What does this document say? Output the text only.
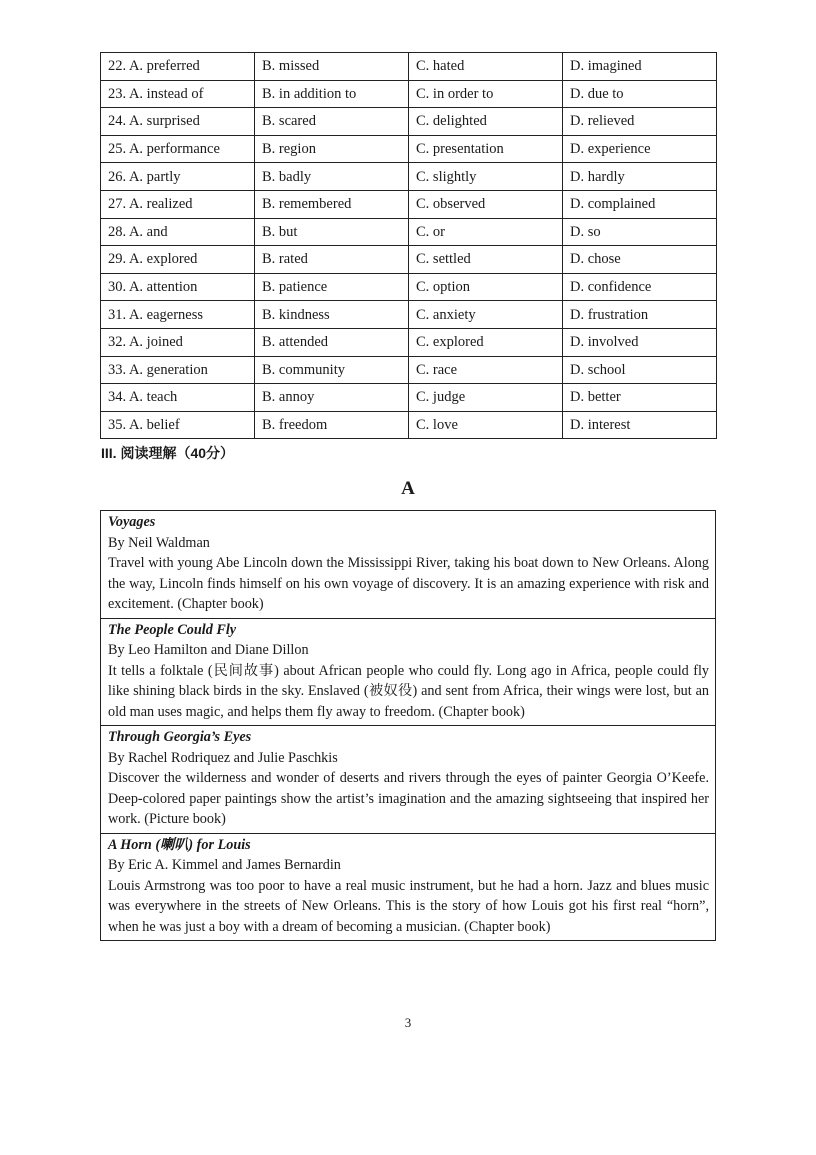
22. A. preferred	B. missed	C. hated	D. imagined
23. A. instead of	B. in addition to	C. in order to	D. due to
24. A. surprised	B. scared	C. delighted	D. relieved
25. A. performance	B. region	C. presentation	D. experience
26. A. partly	B. badly	C. slightly	D. hardly
27. A. realized	B. remembered	C. observed	D. complained
28. A. and	B. but	C. or	D. so
29. A. explored	B. rated	C. settled	D. chose
30. A. attention	B. patience	C. option	D. confidence
31. A. eagerness	B. kindness	C. anxiety	D. frustration
32. A. joined	B. attended	C. explored	D. involved
33. A. generation	B. community	C. race	D. school
34. A. teach	B. annoy	C. judge	D. better
35. A. belief	B. freedom	C. love	D. interest
III. 阅读理解（40分）
A
Voyages
By Neil Waldman

Travel with young Abe Lincoln down the Mississippi River, taking his boat down to New Orleans. Along the way, Lincoln finds himself on his own voyage of discovery. It is an amazing experience with risk and excitement. (Chapter book)

The People Could Fly
By Leo Hamilton and Diane Dillon

It tells a folktale (民间故事) about African people who could fly. Long ago in Africa, people could fly like shining black birds in the sky. Enslaved (被奴役) and sent from Africa, their wings were lost, but an old man uses magic, and helps them fly away to freedom. (Chapter book)

Through Georgia’s Eyes
By Rachel Rodriquez and Julie Paschkis

Discover the wilderness and wonder of deserts and rivers through the eyes of painter Georgia O’Keefe. Deep-colored paper paintings show the artist’s imagination and the amazing sightseeing that inspired her work. (Picture book)

A Horn (喇叭) for Louis
By Eric A. Kimmel and James Bernardin

Louis Armstrong was too poor to have a real music instrument, but he had a horn. Jazz and blues music was everywhere in the streets of New Orleans. This is the story of how Louis got his first real “horn”, when he was just a boy with a dream of becoming a musician. (Chapter book)

3
